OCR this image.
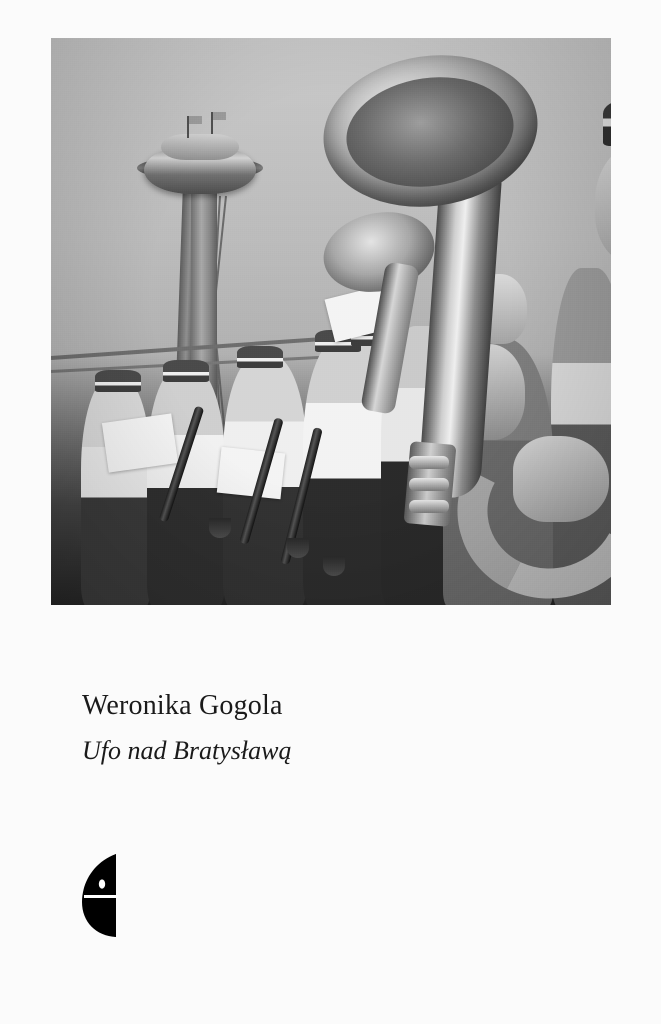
Weronika Gogola
Ufo nad Bratysławą
